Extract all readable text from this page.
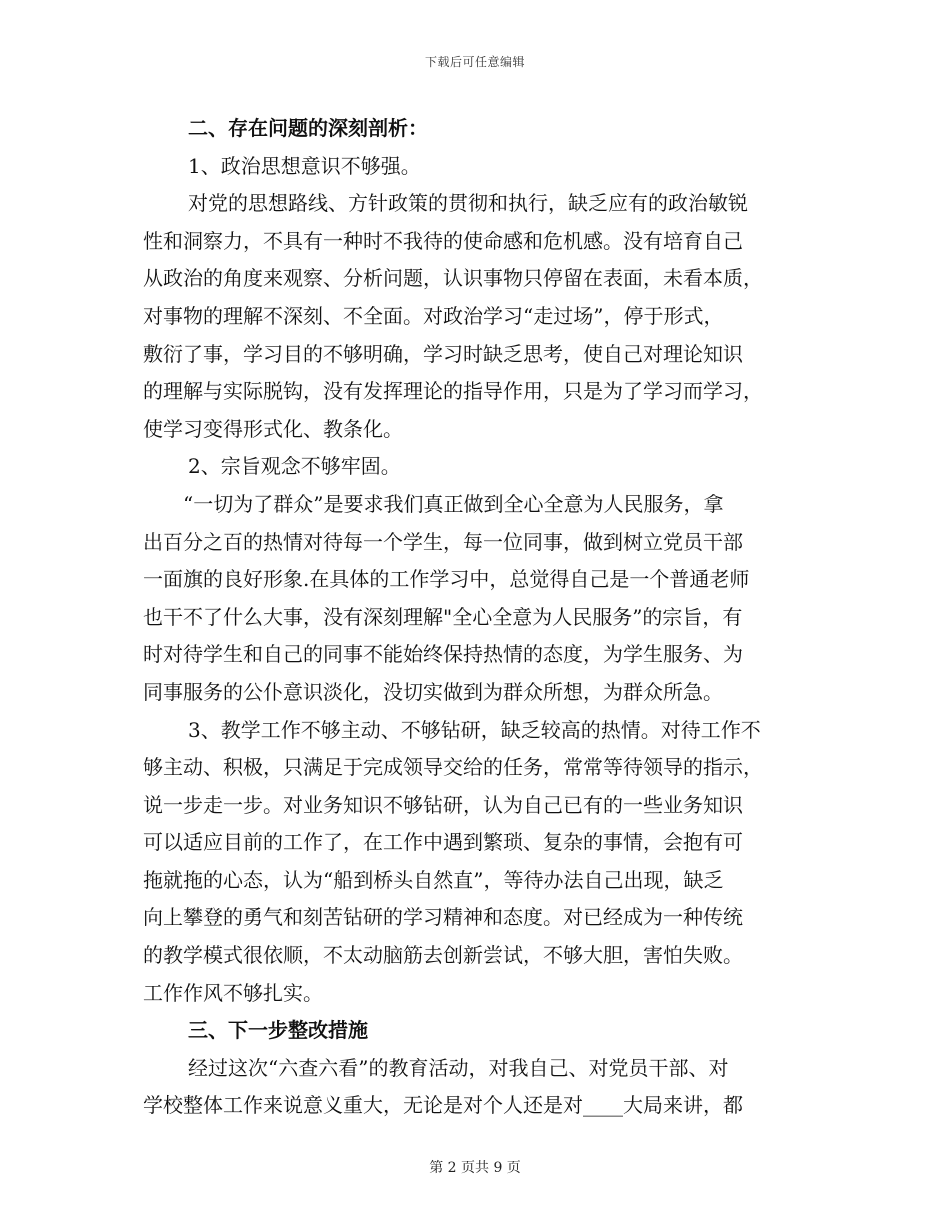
下载后可任意编辑
二、存在问题的深刻剖析：
1、政治思想意识不够强。
对党的思想路线、方针政策的贯彻和执行，缺乏应有的政治敏锐
性和洞察力，不具有一种时不我待的使命感和危机感。没有培育自己
从政治的角度来观察、分析问题，认识事物只停留在表面，未看本质，
对事物的理解不深刻、不全面。对政治学习“走过场”，停于形式，
敷衍了事，学习目的不够明确，学习时缺乏思考，使自己对理论知识
的理解与实际脱钩，没有发挥理论的指导作用，只是为了学习而学习，
使学习变得形式化、教条化。
2、宗旨观念不够牢固。
“一切为了群众”是要求我们真正做到全心全意为人民服务，拿
出百分之百的热情对待每一个学生，每一位同事，做到树立党员干部
一面旗的良好形象.在具体的工作学习中，总觉得自己是一个普通老师
也干不了什么大事，没有深刻理解"全心全意为人民服务”的宗旨，有
时对待学生和自己的同事不能始终保持热情的态度，为学生服务、为
同事服务的公仆意识淡化，没切实做到为群众所想，为群众所急。
3、教学工作不够主动、不够钻研，缺乏较高的热情。对待工作不
够主动、积极，只满足于完成领导交给的任务，常常等待领导的指示，
说一步走一步。对业务知识不够钻研，认为自己已有的一些业务知识
可以适应目前的工作了，在工作中遇到繁琐、复杂的事情，会抱有可
拖就拖的心态，认为“船到桥头自然直”，等待办法自己出现，缺乏
向上攀登的勇气和刻苦钻研的学习精神和态度。对已经成为一种传统
的教学模式很依顺，不太动脑筋去创新尝试，不够大胆，害怕失败。
工作作风不够扎实。
三、下一步整改措施
经过这次“六查六看”的教育活动，对我自己、对党员干部、对
学校整体工作来说意义重大，无论是对个人还是对____大局来讲，都
第 2 页共 9 页
